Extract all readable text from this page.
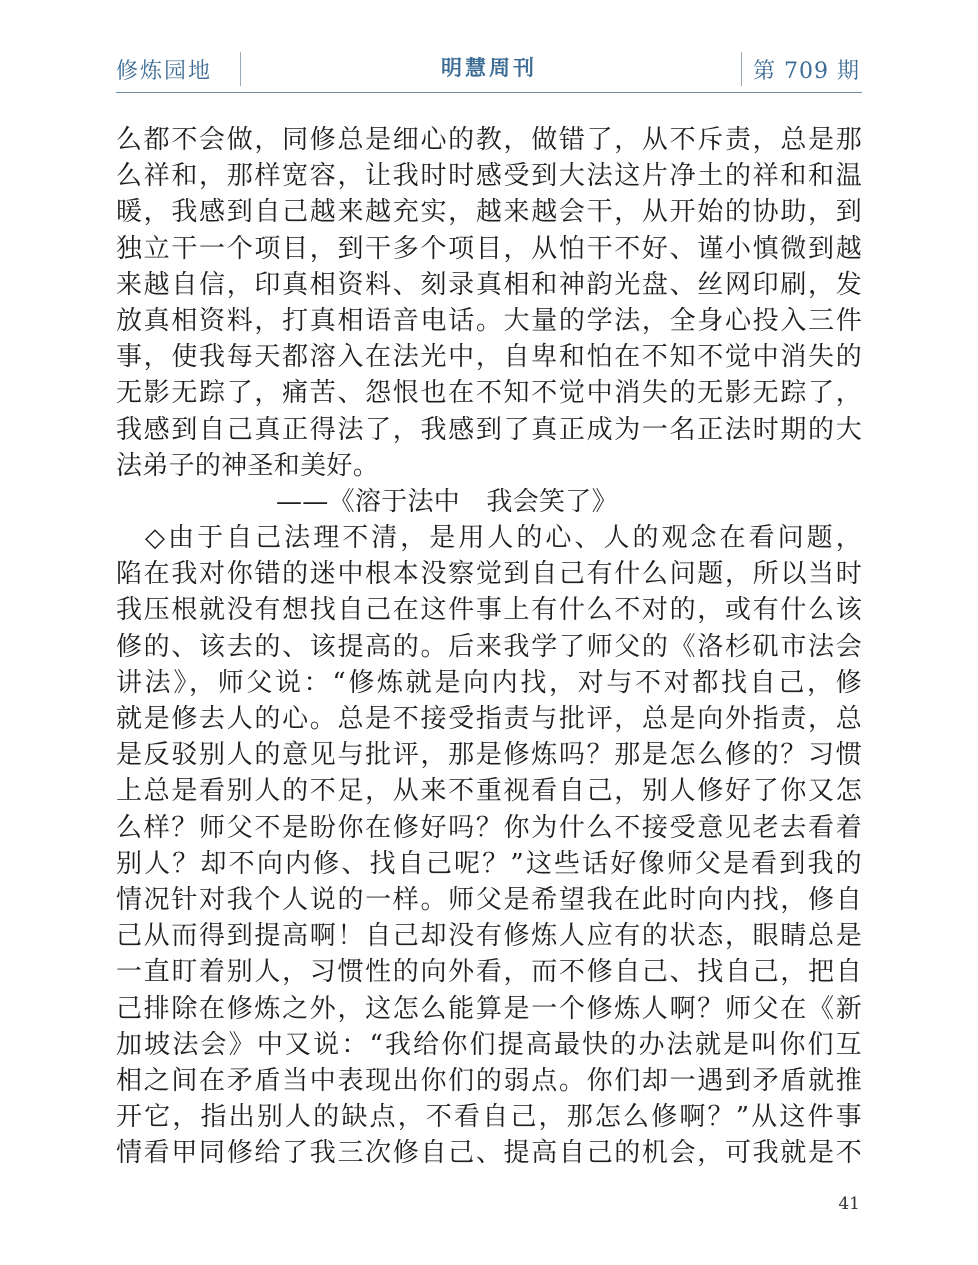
修炼园地	明慧周刊	第 709 期
么都不会做，同修总是细心的教，做错了，从不斥责，总是那
么祥和，那样宽容，让我时时感受到大法这片净土的祥和和温
暖，我感到自己越来越充实，越来越会干，从开始的协助，到
独立干一个项目，到干多个项目，从怕干不好、谨小慎微到越
来越自信，印真相资料、刻录真相和神韵光盘、丝网印刷，发
放真相资料，打真相语音电话。大量的学法，全身心投入三件
事，使我每天都溶入在法光中，自卑和怕在不知不觉中消失的
无影无踪了，痛苦、怨恨也在不知不觉中消失的无影无踪了，
我感到自己真正得法了，我感到了真正成为一名正法时期的大
法弟子的神圣和美好。
——《溶于法中　我会笑了》
　◇由于自己法理不清，是用人的心、人的观念在看问题，
陷在我对你错的迷中根本没察觉到自己有什么问题，所以当时
我压根就没有想找自己在这件事上有什么不对的，或有什么该
修的、该去的、该提高的。后来我学了师父的《洛杉矶市法会
讲法》，师父说：“修炼就是向内找，对与不对都找自己，修
就是修去人的心。总是不接受指责与批评，总是向外指责，总
是反驳别人的意见与批评，那是修炼吗？那是怎么修的？习惯
上总是看别人的不足，从来不重视看自己，别人修好了你又怎
么样？师父不是盼你在修好吗？你为什么不接受意见老去看着
别人？却不向内修、找自己呢？”这些话好像师父是看到我的
情况针对我个人说的一样。师父是希望我在此时向内找，修自
己从而得到提高啊！自己却没有修炼人应有的状态，眼睛总是
一直盯着别人，习惯性的向外看，而不修自己、找自己，把自
己排除在修炼之外，这怎么能算是一个修炼人啊？师父在《新
加坡法会》中又说：“我给你们提高最快的办法就是叫你们互
相之间在矛盾当中表现出你们的弱点。你们却一遇到矛盾就推
开它，指出别人的缺点，不看自己，那怎么修啊？”从这件事
情看甲同修给了我三次修自己、提高自己的机会，可我就是不
41
